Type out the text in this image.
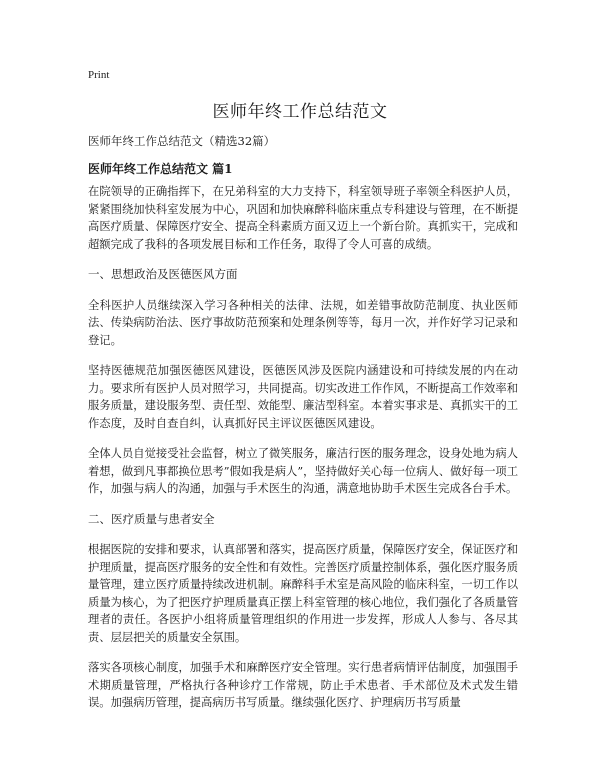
Print
医师年终工作总结范文
医师年终工作总结范文（精选32篇）
医师年终工作总结范文 篇1

在院领导的正确指挥下，在兄弟科室的大力支持下，科室领导班子率领全科医护人员，紧紧围绕加快科室发展为中心，巩固和加快麻醉科临床重点专科建设与管理，在不断提高医疗质量、保障医疗安全、提高全科素质方面又迈上一个新台阶。真抓实干，完成和超额完成了我科的各项发展目标和工作任务，取得了令人可喜的成绩。

一、思想政治及医德医风方面

全科医护人员继续深入学习各种相关的法律、法规，如差错事故防范制度、执业医师法、传染病防治法、医疗事故防范预案和处理条例等等，每月一次，并作好学习记录和登记。

坚持医德规范加强医德医风建设，医德医风涉及医院内涵建设和可持续发展的内在动力。要求所有医护人员对照学习，共同提高。切实改进工作作风，不断提高工作效率和服务质量，建设服务型、责任型、效能型、廉洁型科室。本着实事求是、真抓实干的工作态度，及时自查自纠，认真抓好民主评议医德医风建设。

全体人员自觉接受社会监督，树立了微笑服务，廉洁行医的服务理念，设身处地为病人着想，做到凡事都换位思考”假如我是病人”，坚持做好关心每一位病人、做好每一项工作，加强与病人的沟通，加强与手术医生的沟通，满意地协助手术医生完成各台手术。

二、医疗质量与患者安全

根据医院的安排和要求，认真部署和落实，提高医疗质量，保障医疗安全，保证医疗和护理质量，提高医疗服务的安全性和有效性。完善医疗质量控制体系，强化医疗服务质量管理，建立医疗质量持续改进机制。麻醉科手术室是高风险的临床科室，一切工作以质量为核心，为了把医疗护理质量真正摆上科室管理的核心地位，我们强化了各质量管理者的责任。各医护小组将质量管理组织的作用进一步发挥，形成人人参与、各尽其责、层层把关的质量安全氛围。

落实各项核心制度，加强手术和麻醉医疗安全管理。实行患者病情评估制度，加强围手术期质量管理，严格执行各种诊疗工作常规，防止手术患者、手术部位及术式发生错误。加强病历管理，提高病历书写质量。继续强化医疗、护理病历书写质量
